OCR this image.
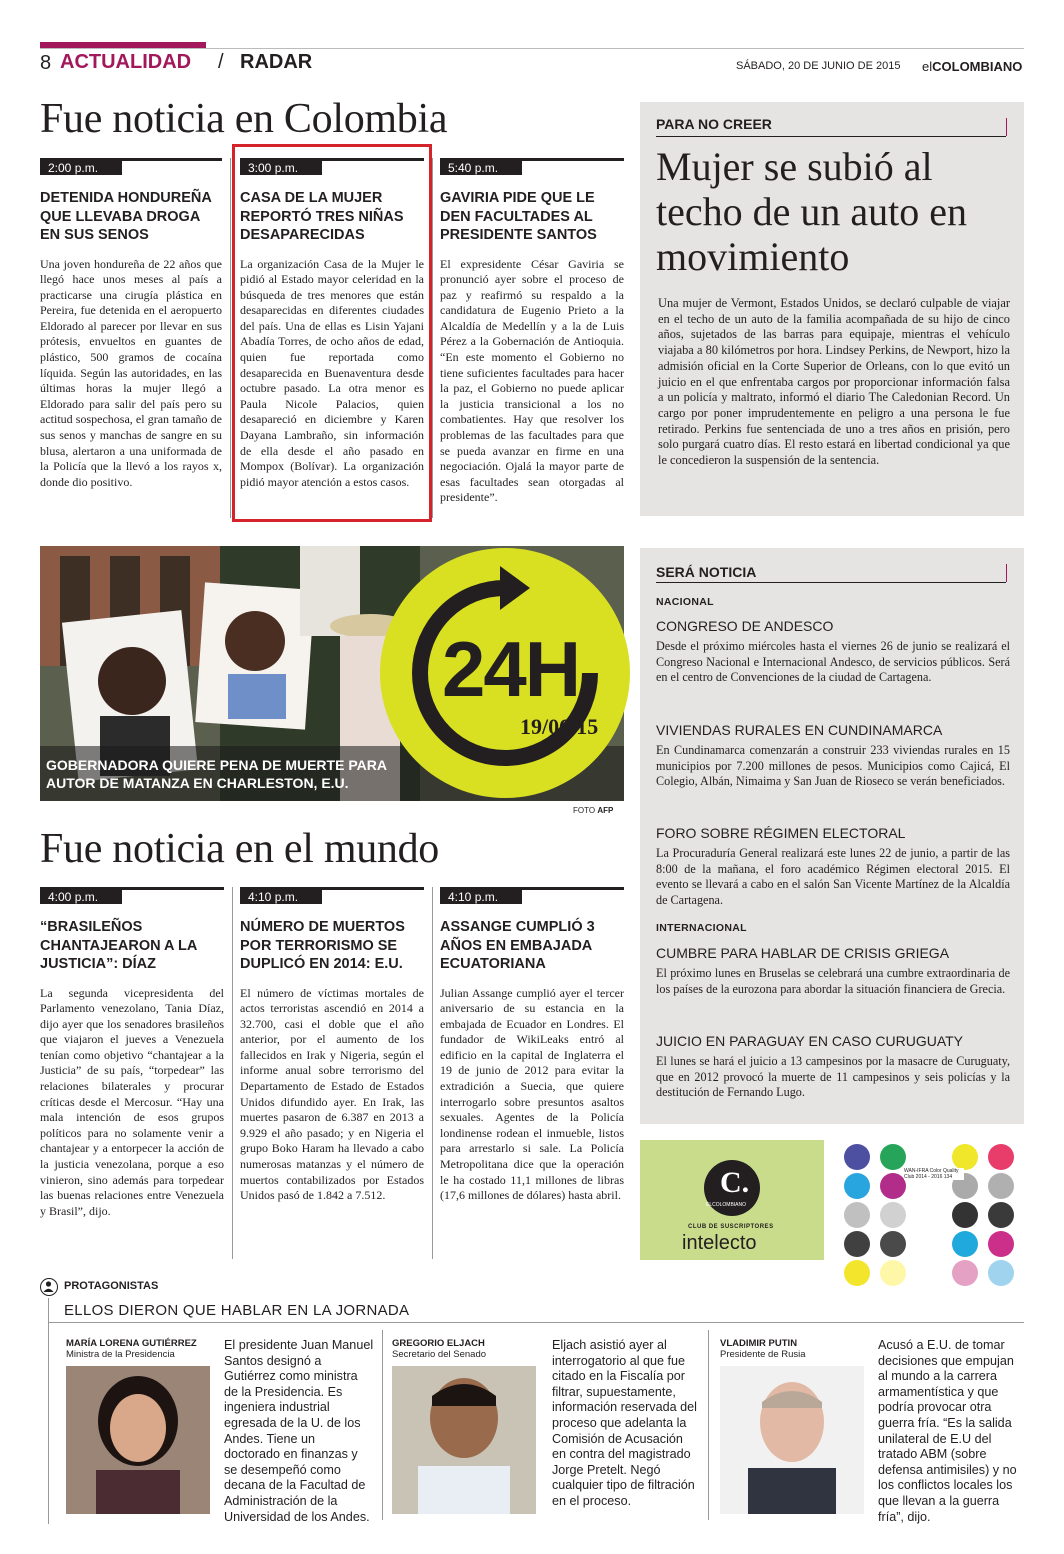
8 ACTUALIDAD / RADAR	SÁBADO, 20 DE JUNIO DE 2015 elCOLOMBIANO
Fue noticia en Colombia
2:00 p.m.
DETENIDA HONDUREÑA QUE LLEVABA DROGA EN SUS SENOS
Una joven hondureña de 22 años que llegó hace unos meses al país a practicarse una cirugía plástica en Pereira, fue detenida en el aeropuerto Eldorado al parecer por llevar en sus prótesis, envueltos en guantes de plástico, 500 gramos de cocaína líquida. Según las autoridades, en las últimas horas la mujer llegó a Eldorado para salir del país pero su actitud sospechosa, el gran tamaño de sus senos y manchas de sangre en su blusa, alertaron a una uniformada de la Policía que la llevó a los rayos x, donde dio positivo.
3:00 p.m.
CASA DE LA MUJER REPORTÓ TRES NIÑAS DESAPARECIDAS
La organización Casa de la Mujer le pidió al Estado mayor celeridad en la búsqueda de tres menores que están desaparecidas en diferentes ciudades del país. Una de ellas es Lisin Yajani Abadía Torres, de ocho años de edad, quien fue reportada como desaparecida en Buenaventura desde octubre pasado. La otra menor es Paula Nicole Palacios, quien desapareció en diciembre y Karen Dayana Lambraño, sin información de ella desde el año pasado en Mompox (Bolívar). La organización pidió mayor atención a estos casos.
5:40 p.m.
GAVIRIA PIDE QUE LE DEN FACULTADES AL PRESIDENTE SANTOS
El expresidente César Gaviria se pronunció ayer sobre el proceso de paz y reafirmó su respaldo a la candidatura de Eugenio Prieto a la Alcaldía de Medellín y a la de Luis Pérez a la Gobernación de Antioquia. “En este momento el Gobierno no tiene suficientes facultades para hacer la paz, el Gobierno no puede aplicar la justicia transicional a los no combatientes. Hay que resolver los problemas de las facultades para que se pueda avanzar en firme en una negociación. Ojalá la mayor parte de esas facultades sean otorgadas al presidente”.
PARA NO CREER
Mujer se subió al techo de un auto en movimiento
Una mujer de Vermont, Estados Unidos, se declaró culpable de viajar en el techo de un auto de la familia acompañada de su hijo de cinco años, sujetados de las barras para equipaje, mientras el vehículo viajaba a 80 kilómetros por hora. Lindsey Perkins, de Newport, hizo la admisión oficial en la Corte Superior de Orleans, con lo que evitó un juicio en el que enfrentaba cargos por proporcionar información falsa a un policía y maltrato, informó el diario The Caledonian Record. Un cargo por poner imprudentemente en peligro a una persona le fue retirado. Perkins fue sentenciada de uno a tres años en prisión, pero solo purgará cuatro días. El resto estará en libertad condicional ya que le concedieron la suspensión de la sentencia.
GOBERNADORA QUIERE PENA DE MUERTE PARA AUTOR DE MATANZA EN CHARLESTON, E.U.
24H
19/06/15
FOTO AFP
Fue noticia en el mundo
4:00 p.m.
“BRASILEÑOS CHANTAJEARON A LA JUSTICIA”: DÍAZ
La segunda vicepresidenta del Parlamento venezolano, Tania Díaz, dijo ayer que los senadores brasileños que viajaron el jueves a Venezuela tenían como objetivo “chantajear a la Justicia” de su país, “torpedear” las relaciones bilaterales y procurar críticas desde el Mercosur. “Hay una mala intención de esos grupos políticos para no solamente venir a chantajear y a entorpecer la acción de la justicia venezolana, porque a eso vinieron, sino además para torpedear las buenas relaciones entre Venezuela y Brasil”, dijo.
4:10 p.m.
NÚMERO DE MUERTOS POR TERRORISMO SE DUPLICÓ EN 2014: E.U.
El número de víctimas mortales de actos terroristas ascendió en 2014 a 32.700, casi el doble que el año anterior, por el aumento de los fallecidos en Irak y Nigeria, según el informe anual sobre terrorismo del Departamento de Estado de Estados Unidos difundido ayer. En Irak, las muertes pasaron de 6.387 en 2013 a 9.929 el año pasado; y en Nigeria el grupo Boko Haram ha llevado a cabo numerosas matanzas y el número de muertos contabilizados por Estados Unidos pasó de 1.842 a 7.512.
4:10 p.m.
ASSANGE CUMPLIÓ 3 AÑOS EN EMBAJADA ECUATORIANA
Julian Assange cumplió ayer el tercer aniversario de su estancia en la embajada de Ecuador en Londres. El fundador de WikiLeaks entró al edificio en la capital de Inglaterra el 19 de junio de 2012 para evitar la extradición a Suecia, que quiere interrogarlo sobre presuntos asaltos sexuales. Agentes de la Policía londinense rodean el inmueble, listos para arrestarlo si sale. La Policía Metropolitana dice que la operación le ha costado 11,1 millones de libras (17,6 millones de dólares) hasta abril.
SERÁ NOTICIA
NACIONAL
CONGRESO DE ANDESCO
Desde el próximo miércoles hasta el viernes 26 de junio se realizará el Congreso Nacional e Internacional Andesco, de servicios públicos. Será en el centro de Convenciones de la ciudad de Cartagena.
VIVIENDAS RURALES EN CUNDINAMARCA
En Cundinamarca comenzarán a construir 233 viviendas rurales en 15 municipios por 7.200 millones de pesos. Municipios como Cajicá, El Colegio, Albán, Nimaima y San Juan de Rioseco se verán beneficiados.
FORO SOBRE RÉGIMEN ELECTORAL
La Procuraduría General realizará este lunes 22 de junio, a partir de las 8:00 de la mañana, el foro académico Régimen electoral 2015. El evento se llevará a cabo en el salón San Vicente Martínez de la Alcaldía de Cartagena.
INTERNACIONAL
CUMBRE PARA HABLAR DE CRISIS GRIEGA
El próximo lunes en Bruselas se celebrará una cumbre extraordinaria de los países de la eurozona para abordar la situación financiera de Grecia.
JUICIO EN PARAGUAY EN CASO CURUGUATY
El lunes se hará el juicio a 13 campesinos por la masacre de Curuguaty, que en 2012 provocó la muerte de 11 campesinos y seis policías y la destitución de Fernando Lugo.
C.
ELCOLOMBIANO
CLUB DE SUSCRIPTORES
intelecto
WAN-IFRA Color Quality Club 2014 - 2016 134
PROTAGONISTAS
ELLOS DIERON QUE HABLAR EN LA JORNADA
MARÍA LORENA GUTIÉRREZ
Ministra de la Presidencia
El presidente Juan Manuel Santos designó a Gutiérrez como ministra de la Presidencia. Es ingeniera industrial egresada de la U. de los Andes. Tiene un doctorado en finanzas y se desempeñó como decana de la Facultad de Administración de la Universidad de los Andes.
GREGORIO ELJACH
Secretario del Senado
Eljach asistió ayer al interrogatorio al que fue citado en la Fiscalía por filtrar, supuestamente, información reservada del proceso que adelanta la Comisión de Acusación en contra del magistrado Jorge Pretelt. Negó cualquier tipo de filtración en el proceso.
VLADIMIR PUTIN
Presidente de Rusia
Acusó a E.U. de tomar decisiones que empujan al mundo a la carrera armamentística y que podría provocar otra guerra fría. “Es la salida unilateral de E.U del tratado ABM (sobre defensa antimisiles) y no los conflictos locales los que llevan a la guerra fría”, dijo.
